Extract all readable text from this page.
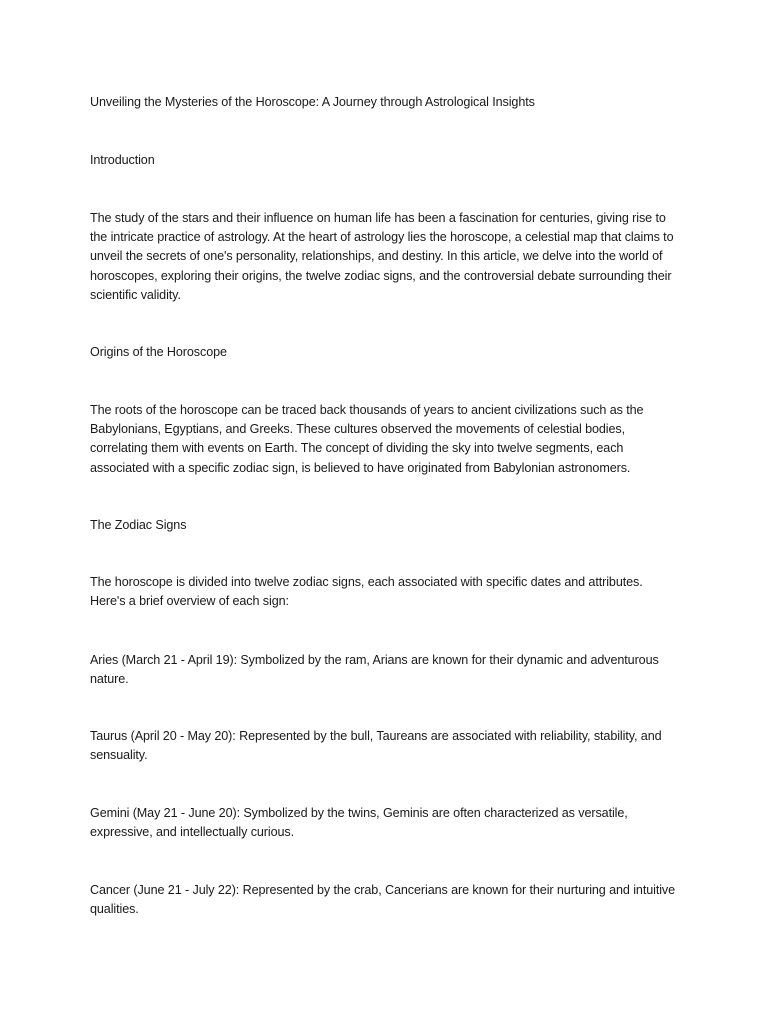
Unveiling the Mysteries of the Horoscope: A Journey through Astrological Insights

Introduction

The study of the stars and their influence on human life has been a fascination for centuries, giving rise to the intricate practice of astrology. At the heart of astrology lies the horoscope, a celestial map that claims to unveil the secrets of one's personality, relationships, and destiny. In this article, we delve into the world of horoscopes, exploring their origins, the twelve zodiac signs, and the controversial debate surrounding their scientific validity.

Origins of the Horoscope

The roots of the horoscope can be traced back thousands of years to ancient civilizations such as the Babylonians, Egyptians, and Greeks. These cultures observed the movements of celestial bodies, correlating them with events on Earth. The concept of dividing the sky into twelve segments, each associated with a specific zodiac sign, is believed to have originated from Babylonian astronomers.

The Zodiac Signs

The horoscope is divided into twelve zodiac signs, each associated with specific dates and attributes. Here's a brief overview of each sign:

Aries (March 21 - April 19): Symbolized by the ram, Arians are known for their dynamic and adventurous nature.

Taurus (April 20 - May 20): Represented by the bull, Taureans are associated with reliability, stability, and sensuality.

Gemini (May 21 - June 20): Symbolized by the twins, Geminis are often characterized as versatile, expressive, and intellectually curious.

Cancer (June 21 - July 22): Represented by the crab, Cancerians are known for their nurturing and intuitive qualities.
